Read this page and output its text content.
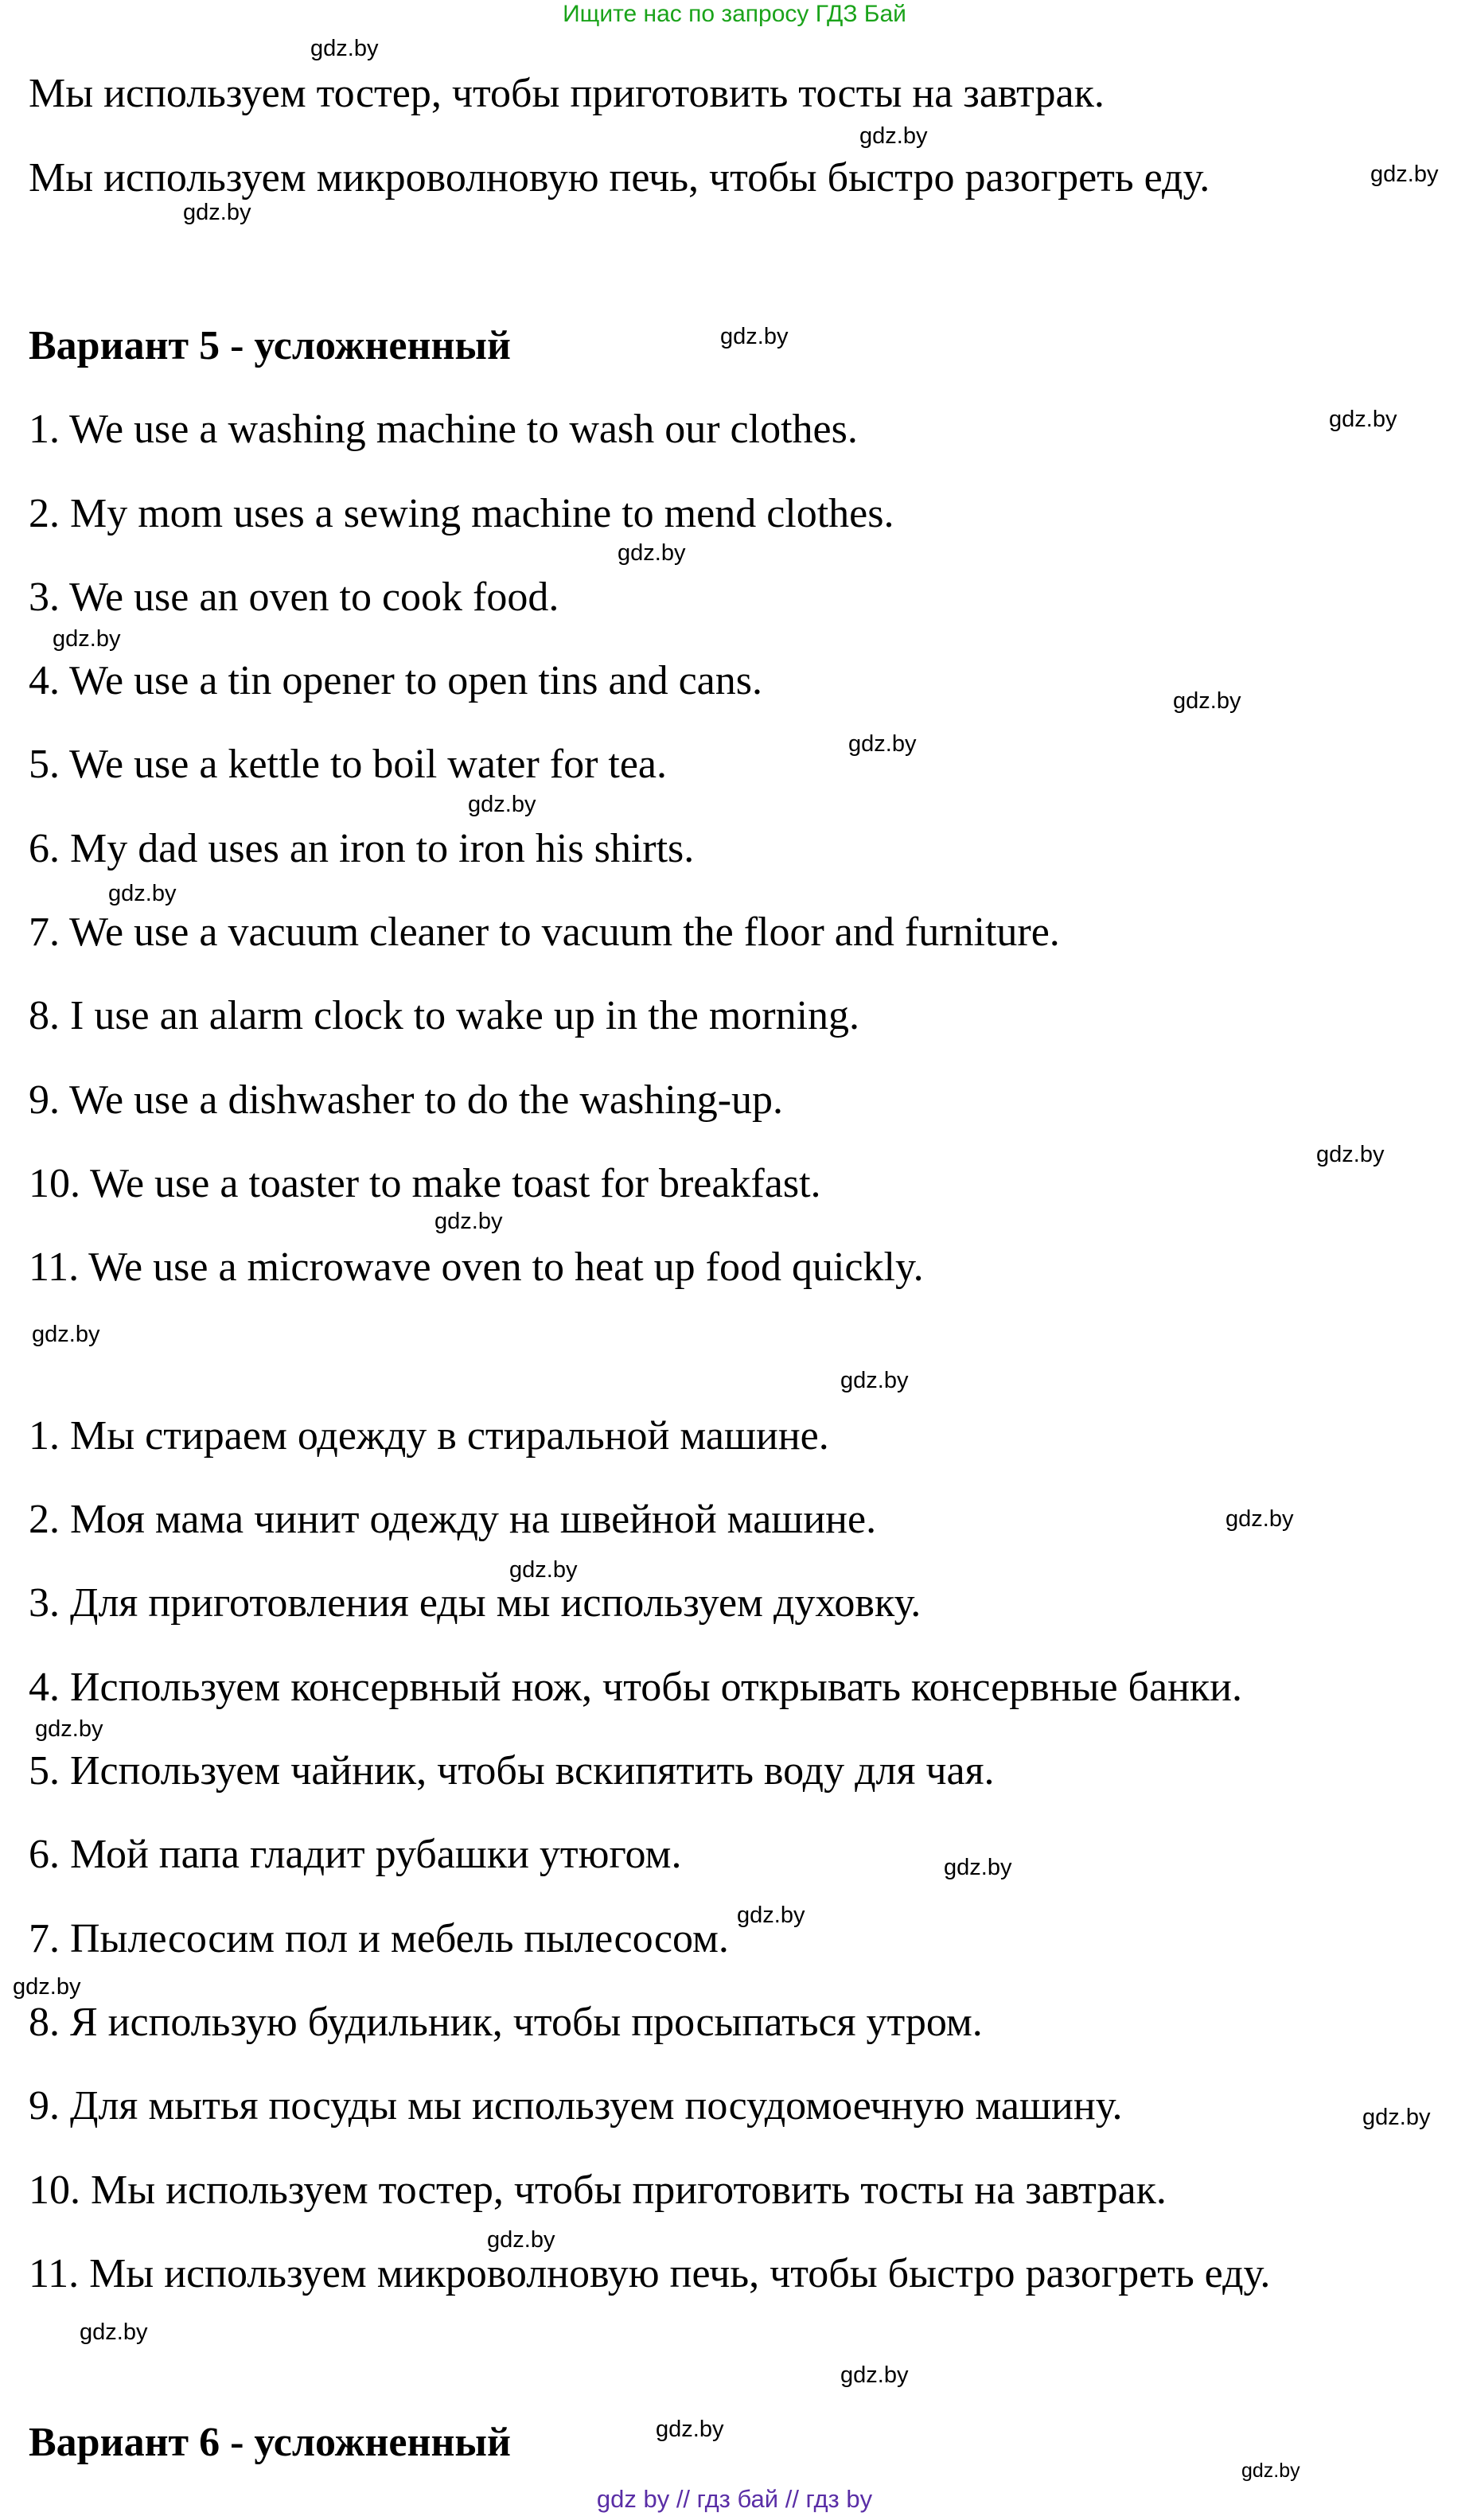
Ищите нас по запросу ГДЗ Бай
Мы используем тостер, чтобы приготовить тосты на завтрак.
Мы используем микроволновую печь, чтобы быстро разогреть еду.
Вариант 5 - усложненный
1. We use a washing machine to wash our clothes.
2. My mom uses a sewing machine to mend clothes.
3. We use an oven to cook food.
4. We use a tin opener to open tins and cans.
5. We use a kettle to boil water for tea.
6. My dad uses an iron to iron his shirts.
7. We use a vacuum cleaner to vacuum the floor and furniture.
8. I use an alarm clock to wake up in the morning.
9. We use a dishwasher to do the washing-up.
10. We use a toaster to make toast for breakfast.
11. We use a microwave oven to heat up food quickly.
1. Мы стираем одежду в стиральной машине.
2. Моя мама чинит одежду на швейной машине.
3. Для приготовления еды мы используем духовку.
4. Используем консервный нож, чтобы открывать консервные банки.
5. Используем чайник, чтобы вскипятить воду для чая.
6. Мой папа гладит рубашки утюгом.
7. Пылесосим пол и мебель пылесосом.
8. Я использую будильник, чтобы просыпаться утром.
9. Для мытья посуды мы используем посудомоечную машину.
10. Мы используем тостер, чтобы приготовить тосты на завтрак.
11. Мы используем микроволновую печь, чтобы быстро разогреть еду.
Вариант 6 - усложненный
gdz.by
gdz.by
gdz.by
gdz.by
gdz.by
gdz.by
gdz.by
gdz.by
gdz.by
gdz.by
gdz.by
gdz.by
gdz.by
gdz.by
gdz.by
gdz.by
gdz.by
gdz.by
gdz.by
gdz.by
gdz.by
gdz.by
gdz.by
gdz.by
gdz.by
gdz.by
gdz.by
gdz.by
gdz by // гдз бай // гдз by
